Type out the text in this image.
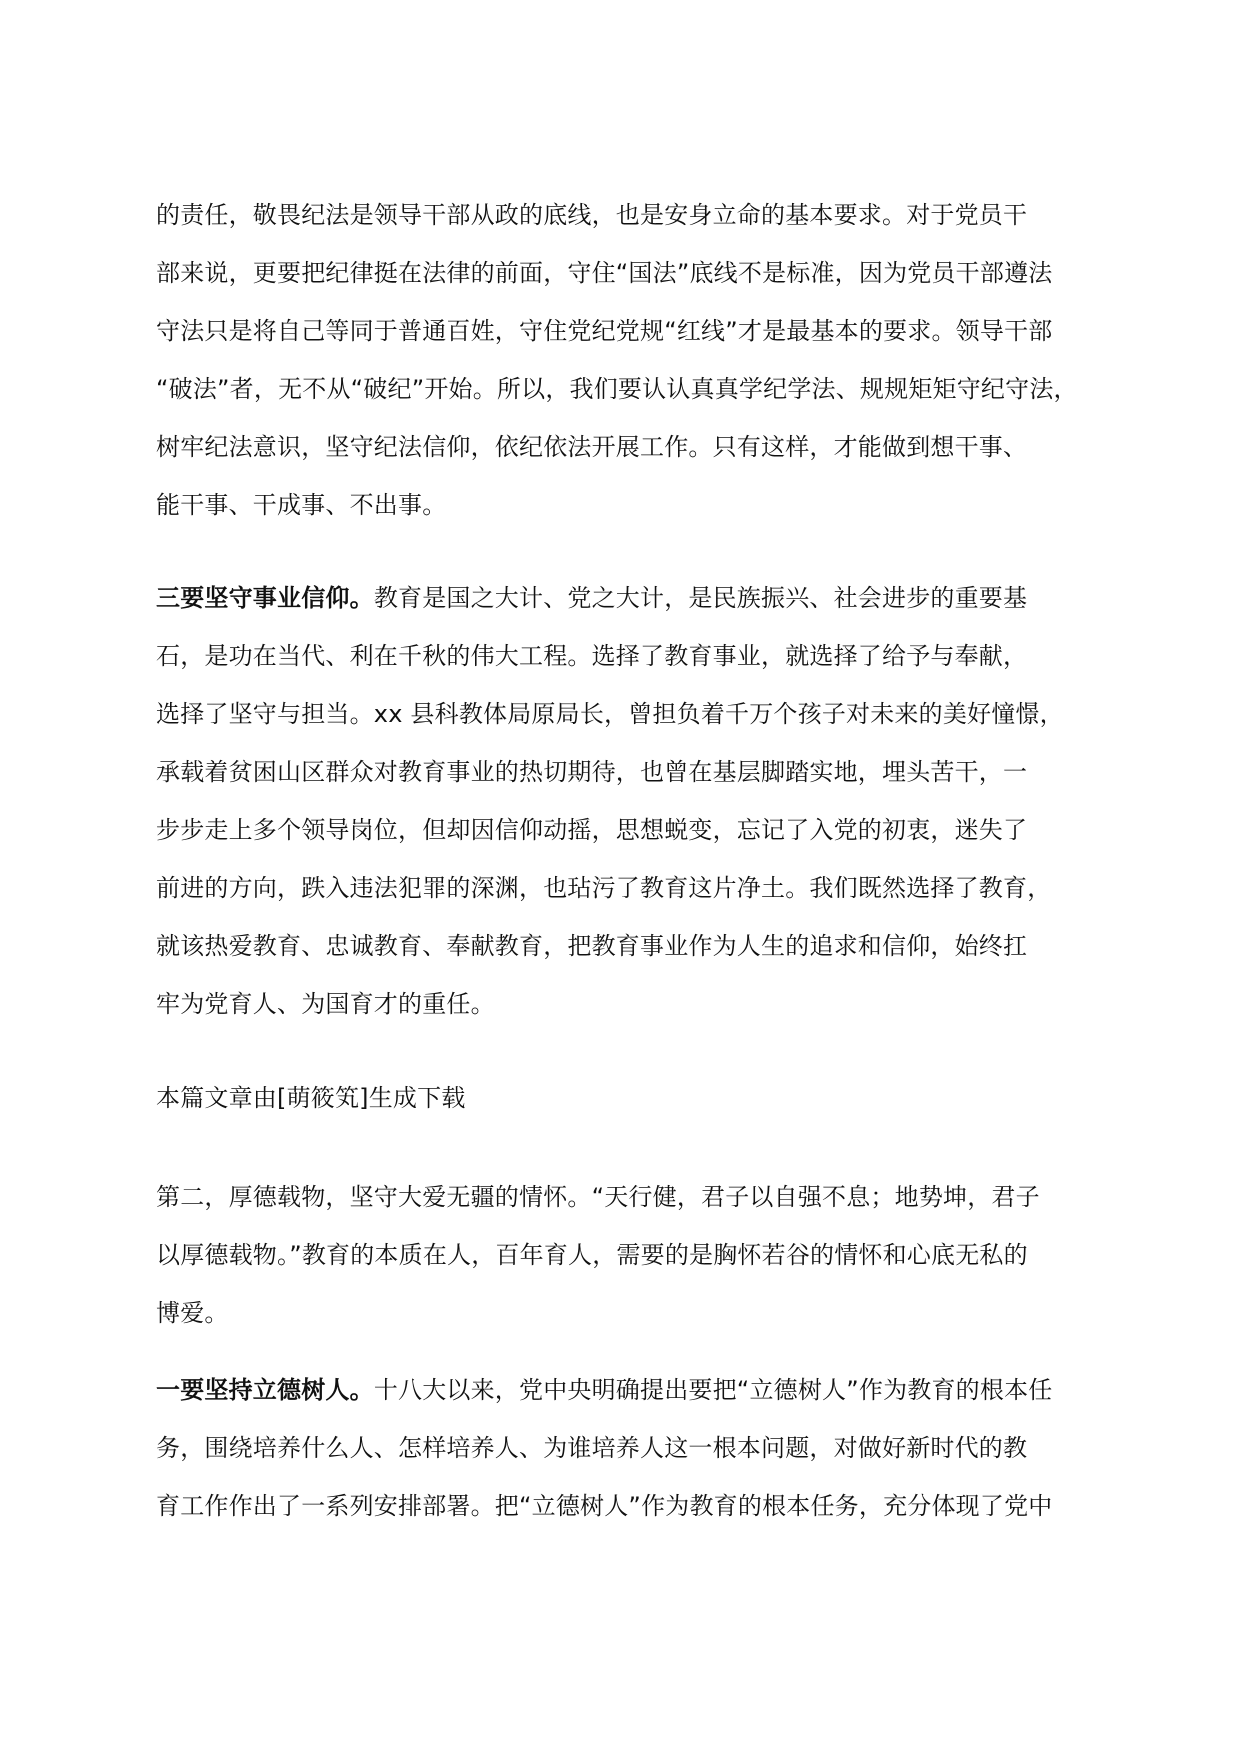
的责任，敬畏纪法是领导干部从政的底线，也是安身立命的基本要求。对于党员干
部来说，更要把纪律挺在法律的前面，守住“国法”底线不是标准，因为党员干部遵法
守法只是将自己等同于普通百姓，守住党纪党规“红线”才是最基本的要求。领导干部
“破法”者，无不从“破纪”开始。所以，我们要认认真真学纪学法、规规矩矩守纪守法，
树牢纪法意识，坚守纪法信仰，依纪依法开展工作。只有这样，才能做到想干事、
能干事、干成事、不出事。
三要坚守事业信仰。教育是国之大计、党之大计，是民族振兴、社会进步的重要基
石，是功在当代、利在千秋的伟大工程。选择了教育事业，就选择了给予与奉献，
选择了坚守与担当。xx 县科教体局原局长，曾担负着千万个孩子对未来的美好憧憬，
承载着贫困山区群众对教育事业的热切期待，也曾在基层脚踏实地，埋头苦干，一
步步走上多个领导岗位，但却因信仰动摇，思想蜕变，忘记了入党的初衷，迷失了
前进的方向，跌入违法犯罪的深渊，也玷污了教育这片净土。我们既然选择了教育，
就该热爱教育、忠诚教育、奉献教育，把教育事业作为人生的追求和信仰，始终扛
牢为党育人、为国育才的重任。
本篇文章由[萌筱笂]生成下载
第二，厚德载物，坚守大爱无疆的情怀。“天行健，君子以自强不息；地势坤，君子
以厚德载物。”教育的本质在人，百年育人，需要的是胸怀若谷的情怀和心底无私的
博爱。
一要坚持立德树人。十八大以来，党中央明确提出要把“立德树人”作为教育的根本任
务，围绕培养什么人、怎样培养人、为谁培养人这一根本问题，对做好新时代的教
育工作作出了一系列安排部署。把“立德树人”作为教育的根本任务，充分体现了党中
